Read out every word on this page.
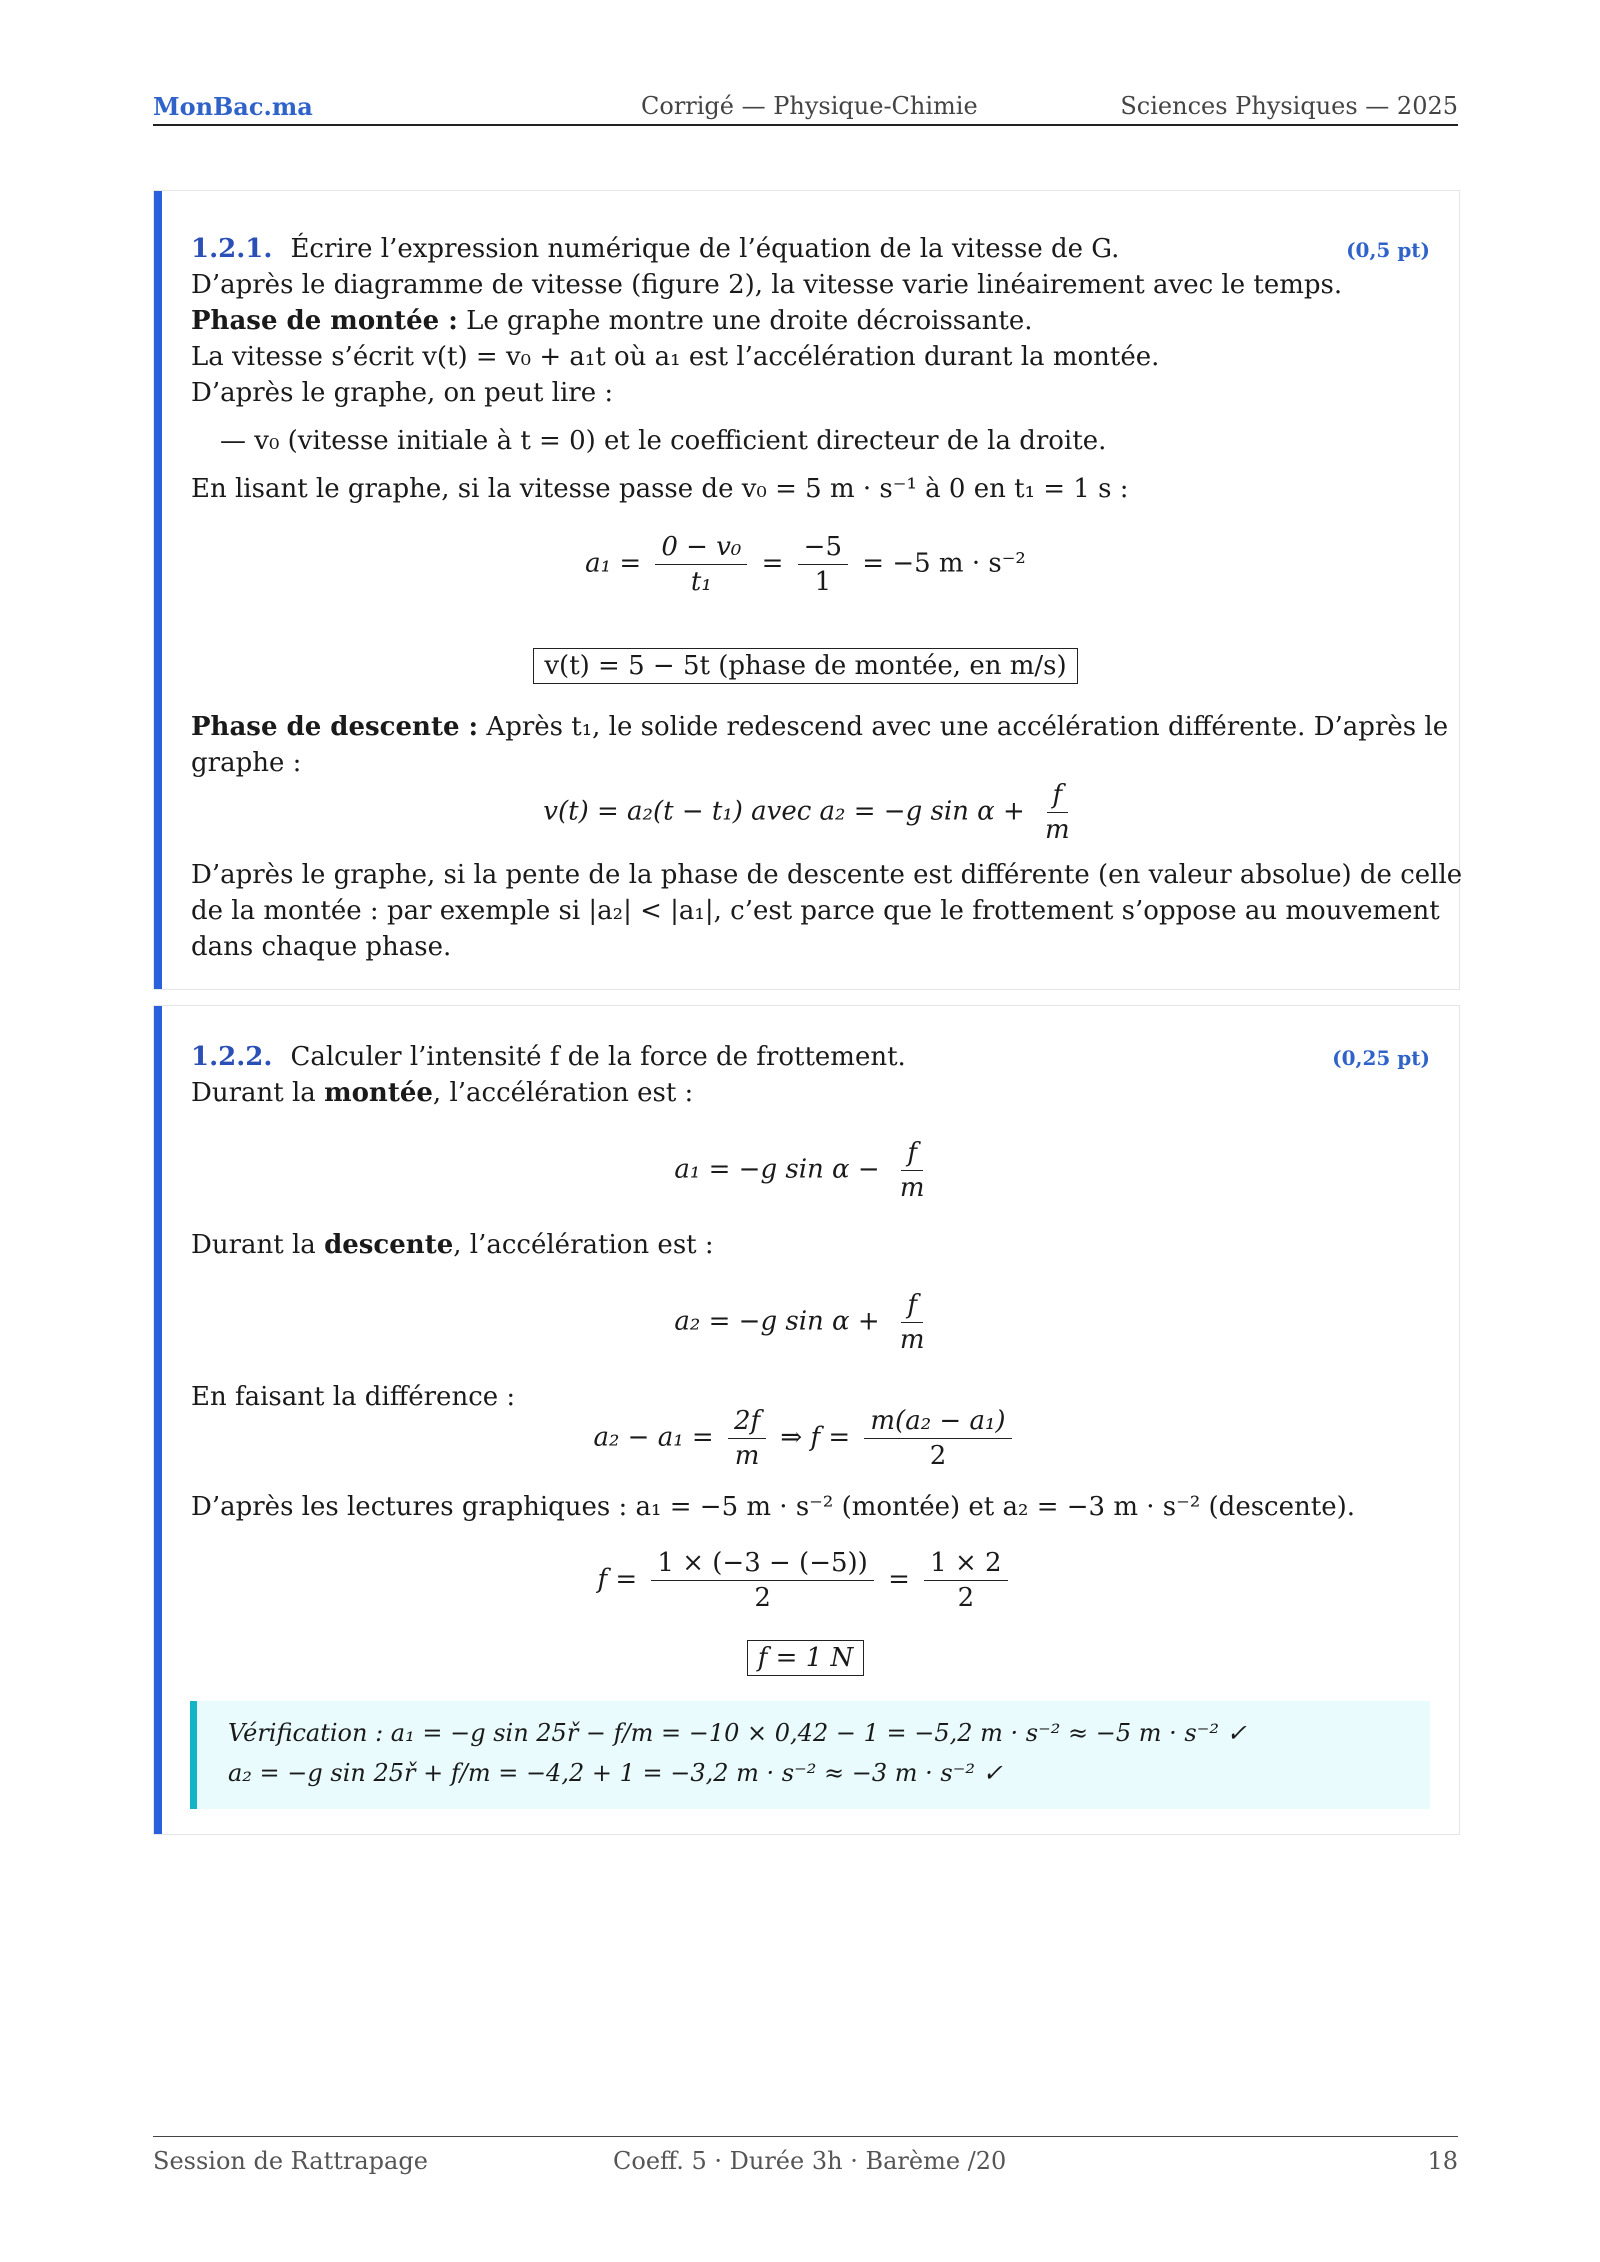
MonBac.ma	Corrigé — Physique-Chimie	Sciences Physiques — 2025
1.2.1. Écrire l’expression numérique de l’équation de la vitesse de G.	(0,5 pt)
D’après le diagramme de vitesse (figure 2), la vitesse varie linéairement avec le temps.
Phase de montée : Le graphe montre une droite décroissante.
La vitesse s’écrit v(t) = v₀ + a₁t où a₁ est l’accélération durant la montée.
D’après le graphe, on peut lire :
— v₀ (vitesse initiale à t = 0) et le coefficient directeur de la droite.
En lisant le graphe, si la vitesse passe de v₀ = 5 m · s⁻¹ à 0 en t₁ = 1 s :
$a_1 = \frac{\text{0 − v₀}}{\text{t₁}} = \frac{-5}{1} = -5$ m · s⁻²
v(t) = 5 − 5t (phase de montée, en m/s)
Phase de descente : Après t₁, le solide redescend avec une accélération différente. D’après le
graphe :
v(t) = a₂(t − t₁) avec a₂ = −g $\sin \alpha + \frac{f}{m}$
D’après le graphe, si la pente de la phase de descente est différente (en valeur absolue) de celle
de la montée : par exemple si |a₂| < |a₁|, c’est parce que le frottement s’oppose au mouvement
dans chaque phase.
1.2.2. Calculer l’intensité f de la force de frottement.	(0,25 pt)
Durant la montée, l’accélération est :
a₁ = −g $\sin \alpha - \frac{f}{m}$
Durant la descente, l’accélération est :
a₂ = −g $\sin \alpha + \frac{f}{m}$
En faisant la différence :
$a_2 - a_1 = \frac{2f}{m}$ ⇒ $f = \frac{\text{m(a₂ − a₁)}}{2}$
D’après les lectures graphiques : a₁ = −5 m · s⁻² (montée) et a₂ = −3 m · s⁻² (descente).
$f = \frac{1 \times (-3 - (-5))}{2} = \frac{1 \times 2}{2}$
f = 1 N
Vérification : a₁ = −g sin 25ř − f/m = −10 × 0,42 − 1 = −5,2 m · s⁻² ≈ −5 m · s⁻² ✓
a₂ = −g sin 25ř + f/m = −4,2 + 1 = −3,2 m · s⁻² ≈ −3 m · s⁻² ✓
Session de Rattrapage	Coeff. 5 · Durée 3h · Barème /20	18
